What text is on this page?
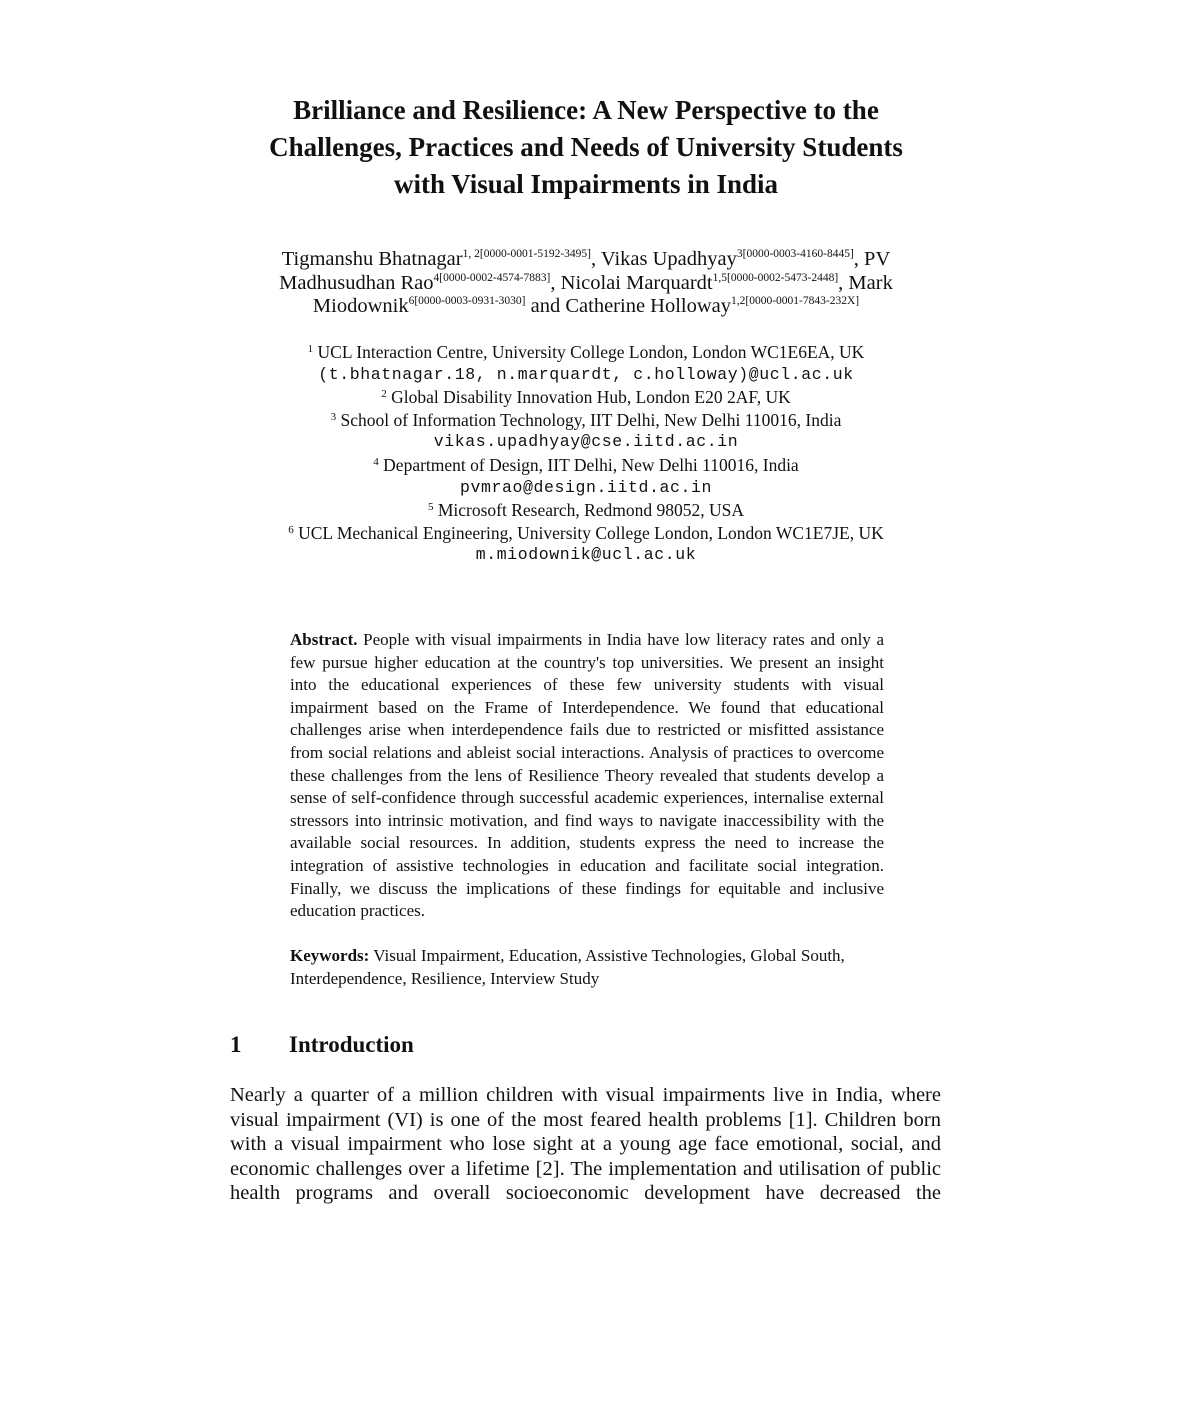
Brilliance and Resilience: A New Perspective to the
Challenges, Practices and Needs of University Students
with Visual Impairments in India
Tigmanshu Bhatnagar$^{1, 2[0000-0001-5192-3495]}$, Vikas Upadhyay$^{3[0000-0003-4160-8445]}$, PV
Madhusudhan Rao$^{4[0000-0002-4574-7883]}$, Nicolai Marquardt$^{1,5[0000-0002-5473-2448]}$, Mark
Miodownik$^{6[0000-0003-0931-3030]}$ and Catherine Holloway$^{1,2[0000-0001-7843-232X]}$
$^1$ UCL Interaction Centre, University College London, London WC1E6EA, UK
(t.bhatnagar.18, n.marquardt, c.holloway)@ucl.ac.uk
$^2$ Global Disability Innovation Hub, London E20 2AF, UK
$^3$ School of Information Technology, IIT Delhi, New Delhi 110016, India
vikas.upadhyay@cse.iitd.ac.in
$^4$ Department of Design, IIT Delhi, New Delhi 110016, India
pvmrao@design.iitd.ac.in
$^5$ Microsoft Research, Redmond 98052, USA
$^6$ UCL Mechanical Engineering, University College London, London WC1E7JE, UK
m.miodownik@ucl.ac.uk

Abstract. People with visual impairments in India have low literacy rates and only a few pursue higher education at the country's top universities. We present an insight into the educational experiences of these few university students with visual impairment based on the Frame of Interdependence. We found that educational challenges arise when interdependence fails due to restricted or misfitted assistance from social relations and ableist social interactions. Analysis of practices to overcome these challenges from the lens of Resilience Theory revealed that students develop a sense of self-confidence through successful academic experiences, internalise external stressors into intrinsic motivation, and find ways to navigate inaccessibility with the available social resources. In addition, students express the need to increase the integration of assistive technologies in education and facilitate social integration. Finally, we discuss the implications of these findings for equitable and inclusive education practices.

Keywords: Visual Impairment, Education, Assistive Technologies, Global South, Interdependence, Resilience, Interview Study

1 Introduction

Nearly a quarter of a million children with visual impairments live in India, where visual impairment (VI) is one of the most feared health problems [1]. Children born with a visual impairment who lose sight at a young age face emotional, social, and economic challenges over a lifetime [2]. The implementation and utilisation of public health programs and overall socioeconomic development have decreased the
